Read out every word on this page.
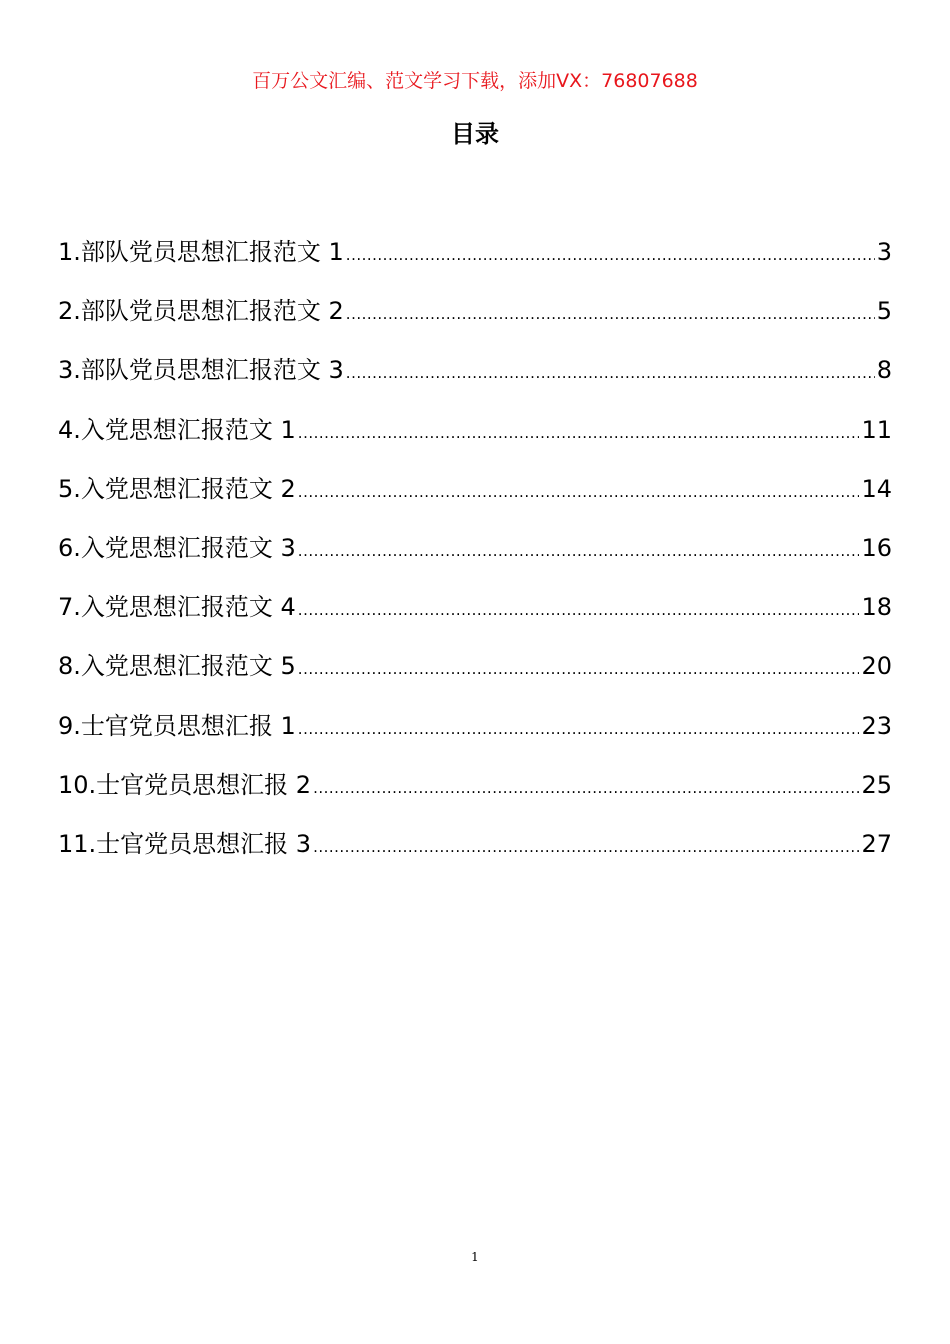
百万公文汇编、范文学习下载，添加VX：76807688
目录
1.部队党员思想汇报范文 1 .....	3
2.部队党员思想汇报范文 2 .....	5
3.部队党员思想汇报范文 3 .....	8
4.入党思想汇报范文 1 .....	11
5.入党思想汇报范文 2 .....	14
6.入党思想汇报范文 3 .....	16
7.入党思想汇报范文 4 .....	18
8.入党思想汇报范文 5 .....	20
9.士官党员思想汇报 1 .....	23
10.士官党员思想汇报 2 .....	25
11.士官党员思想汇报 3 .....	27
1
